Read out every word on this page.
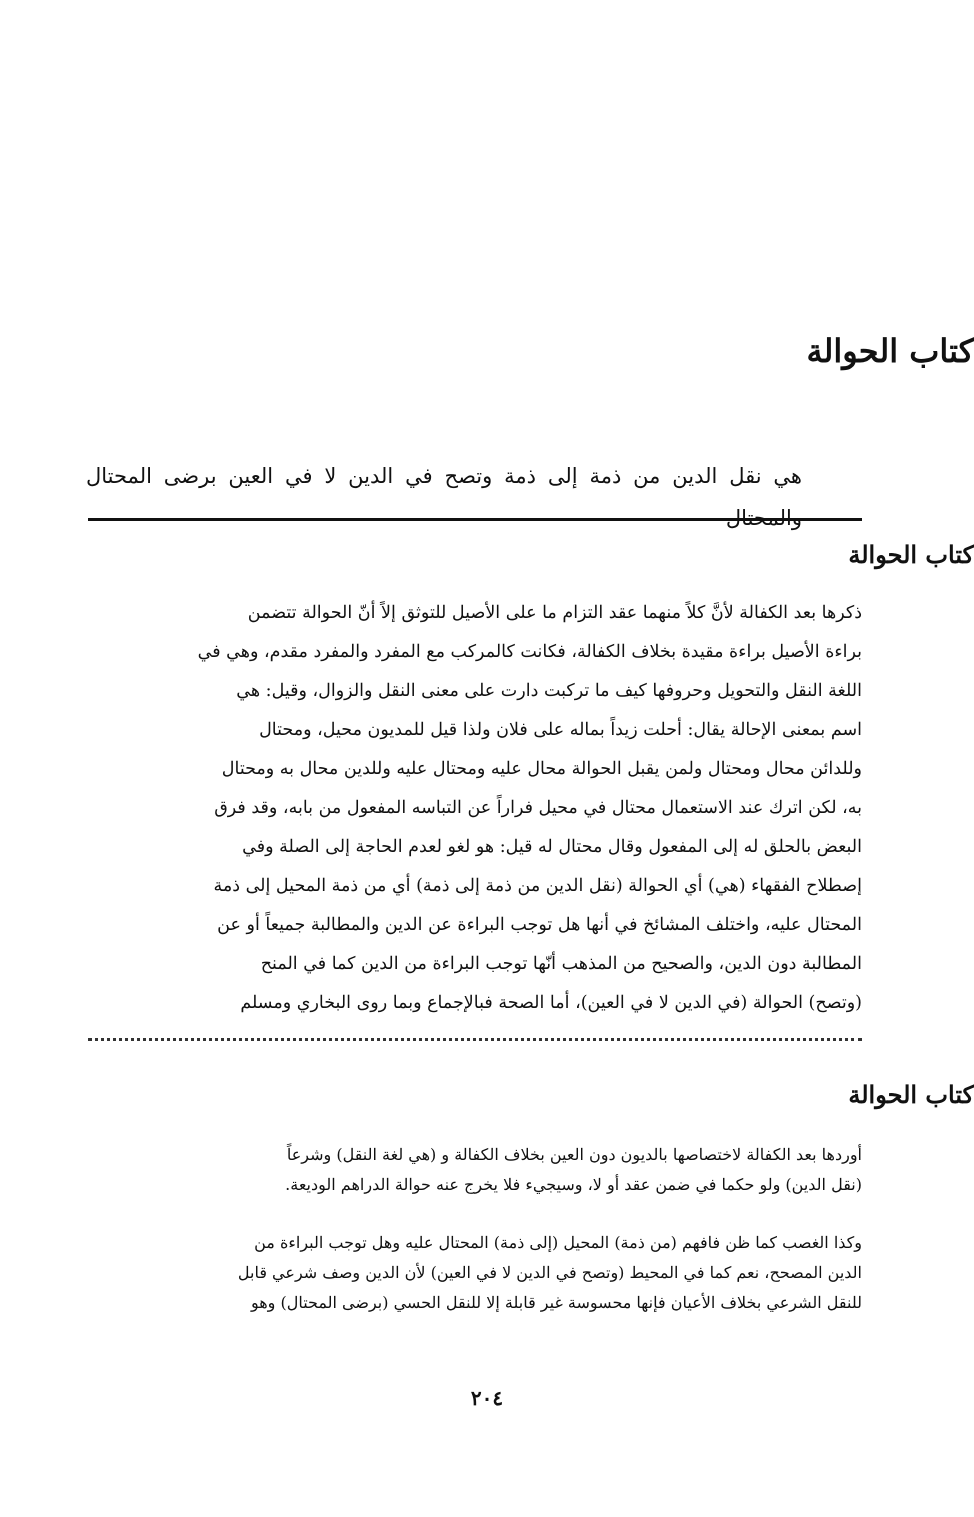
كتاب الحوالة

هي نقل الدين من ذمة إلى ذمة وتصح في الدين لا في العين برضى المحتال والمحتال

كتاب الحوالة
ذكرها بعد الكفالة لأنَّ كلاً منهما عقد التزام ما على الأصيل للتوثق إلاً أنّ الحوالة تتضمن
براءة الأصيل براءة مقيدة بخلاف الكفالة، فكانت كالمركب مع المفرد والمفرد مقدم، وهي في
اللغة النقل والتحويل وحروفها كيف ما تركبت دارت على معنى النقل والزوال، وقيل: هي
اسم بمعنى الإحالة يقال: أحلت زيداً بماله على فلان ولذا قيل للمديون محيل، ومحتال
وللدائن محال ومحتال ولمن يقبل الحوالة محال عليه ومحتال عليه وللدين محال به ومحتال
به، لكن اترك عند الاستعمال محتال في محيل فراراً عن التباسه المفعول من بابه، وقد فرق
البعض بالحلق له إلى المفعول وقال محتال له قيل: هو لغو لعدم الحاجة إلى الصلة وفي
إصطلاح الفقهاء (هي) أي الحوالة (نقل الدين من ذمة إلى ذمة) أي من ذمة المحيل إلى ذمة
المحتال عليه، واختلف المشائخ في أنها هل توجب البراءة عن الدين والمطالبة جميعاً أو عن
المطالبة دون الدين، والصحيح من المذهب أنّها توجب البراءة من الدين كما في المنح
(وتصح) الحوالة (في الدين لا في العين)، أما الصحة فبالإجماع وبما روى البخاري ومسلم
كتاب الحوالة
أوردها بعد الكفالة لاختصاصها بالديون دون العين بخلاف الكفالة و (هي لغة النقل) وشرعاً
(نقل الدين) ولو حكما في ضمن عقد أو لا، وسيجيء فلا يخرج عنه حوالة الدراهم الوديعة.
وكذا الغصب كما ظن فافهم (من ذمة) المحيل (إلى ذمة) المحتال عليه وهل توجب البراءة من
الدين المصحح، نعم كما في المحيط (وتصح في الدين لا في العين) لأن الدين وصف شرعي قابل
للنقل الشرعي بخلاف الأعيان فإنها محسوسة غير قابلة إلا للنقل الحسي (برضى المحتال) وهو
٢٠٤
